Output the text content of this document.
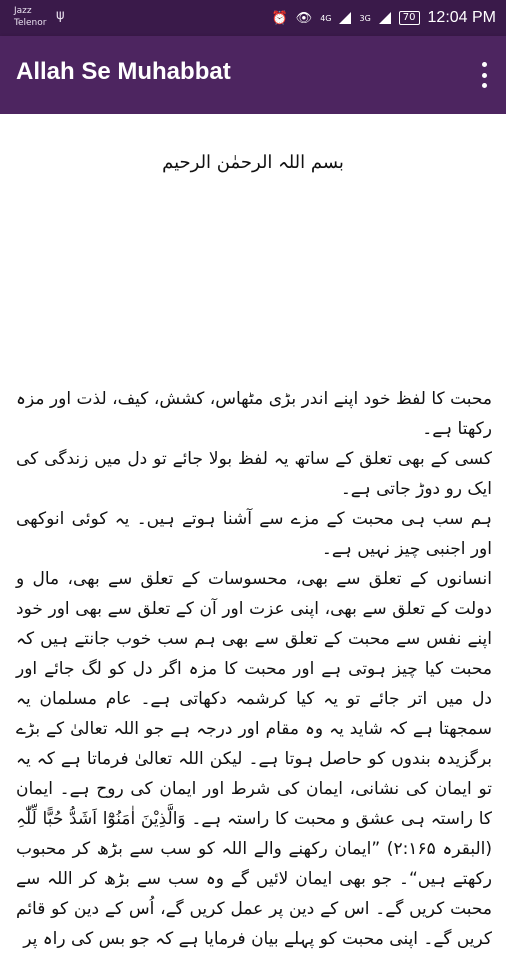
Jazz
Telenor ψ	⏰ 👁 4G	3G	70 12:04 PM
Allah Se Muhabbat
بسم اللہ الرحمٰن الرحیم

محبت کا لفظ خود اپنے اندر بڑی مٹھاس، کشش، کیف، لذت اور مزہ رکھتا ہے۔

کسی کے بھی تعلق کے ساتھ یہ لفظ بولا جائے تو دل میں زندگی کی ایک رو دوڑ جاتی ہے۔

ہم سب ہی محبت کے مزے سے آشنا ہوتے ہیں۔ یہ کوئی انوکھی اور اجنبی چیز نہیں ہے۔

انسانوں کے تعلق سے بھی، محسوسات کے تعلق سے بھی، مال و دولت کے تعلق سے بھی، اپنی عزت اور آن کے تعلق سے بھی اور خود اپنے نفس سے محبت کے تعلق سے بھی ہم سب خوب جانتے ہیں کہ محبت کیا چیز ہوتی ہے اور محبت کا مزہ اگر دل کو لگ جائے اور دل میں اتر جائے تو یہ کیا کرشمہ دکھاتی ہے۔ عام مسلمان یہ سمجھتا ہے کہ شاید یہ وہ مقام اور درجہ ہے جو اللہ تعالیٰ کے بڑے برگزیدہ بندوں کو حاصل ہوتا ہے۔ لیکن اللہ تعالیٰ فرماتا ہے کہ یہ تو ایمان کی نشانی، ایمان کی شرط اور ایمان کی روح ہے۔ ایمان کا راستہ ہی عشق و محبت کا راستہ ہے۔ وَالَّذِیْنَ اٰمَنُوْٓا اَشَدُّ حُبًّا لِّلّٰہِ (البقرہ ۲:۱۶۵) ”ایمان رکھنے والے اللہ کو سب سے بڑھ کر محبوب رکھتے ہیں“۔ جو بھی ایمان لائیں گے وہ سب سے بڑھ کر اللہ سے محبت کریں گے۔ اس کے دین پر عمل کریں گے، اُس کے دین کو قائم کریں گے۔ اپنی محبت کو پہلے بیان فرمایا ہے کہ جو بس کی راہ پر
